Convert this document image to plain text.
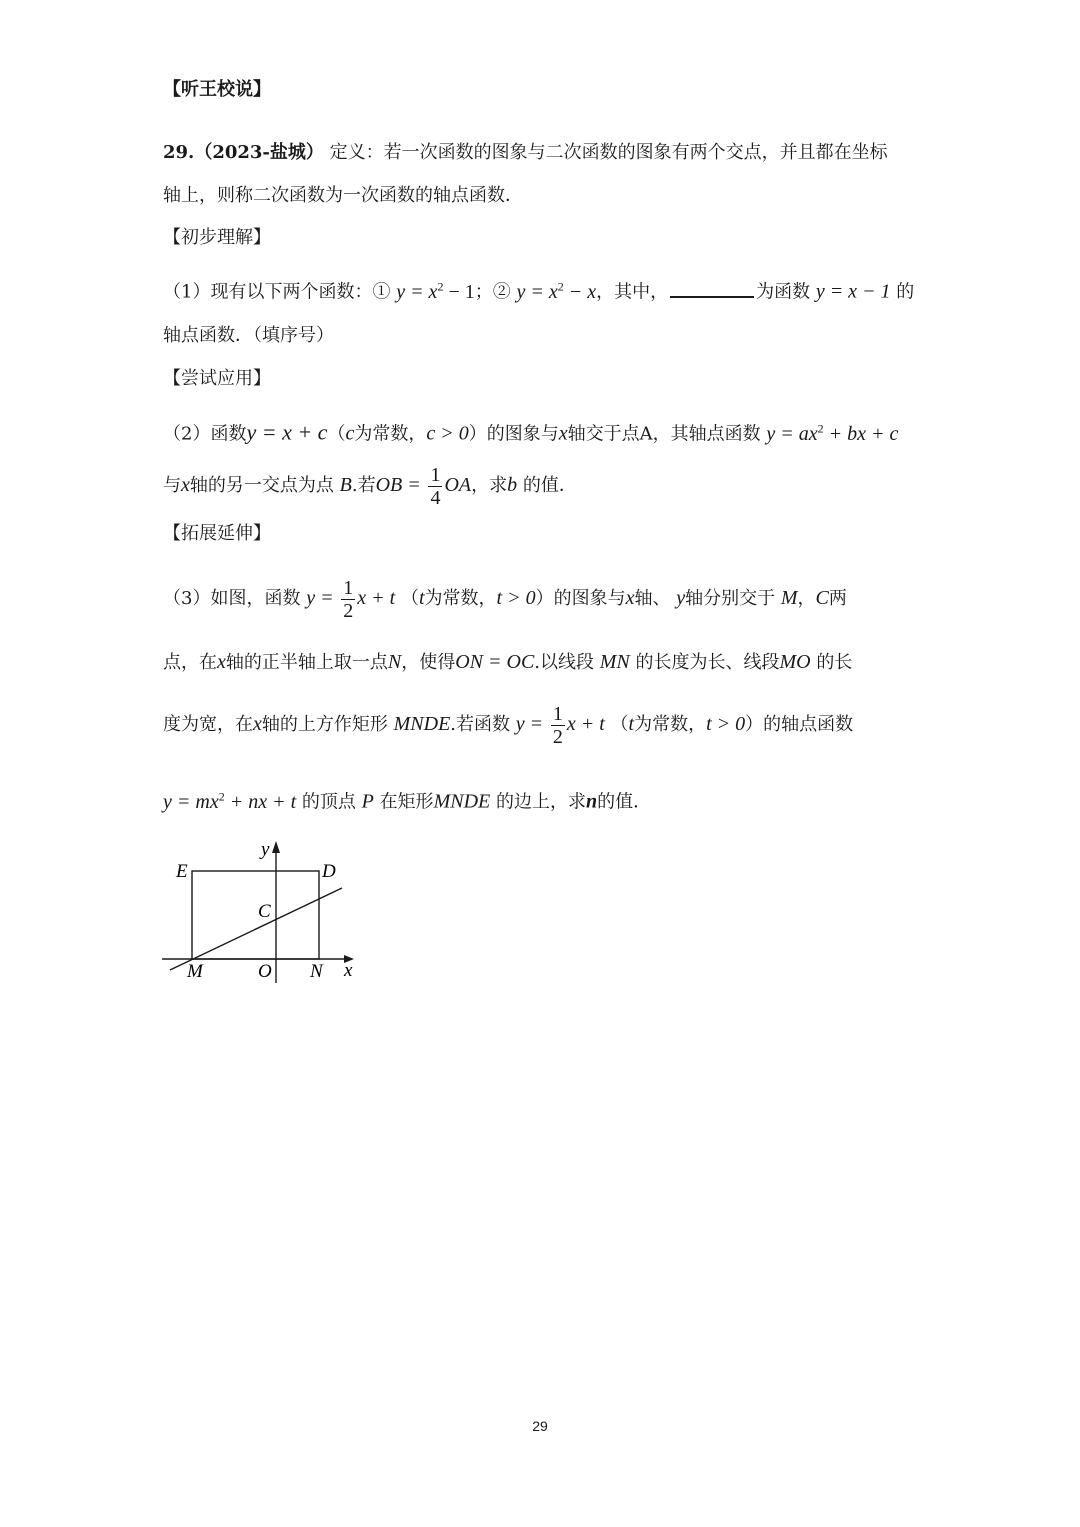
【听王校说】
29.（2023-盐城） 定义：若一次函数的图象与二次函数的图象有两个交点，并且都在坐标
轴上，则称二次函数为一次函数的轴点函数．
【初步理解】
（1）现有以下两个函数：① $y = x^2 - 1$；② $y = x^2 - x$，其中，	为函数 y = x − 1 的
轴点函数．（填序号）
【尝试应用】
（2）函数y = x + c（c为常数，c > 0）的图象与x轴交于点A，其轴点函数 $y = ax^2$ + bx + c
与x轴的另一交点为点 B.若OB = $\frac{1}{4}$ OA，求b 的值．
【拓展延伸】
（3）如图，函数 $y = \frac{1}{2}$ x + t （t为常数，t > 0）的图象与x轴、 y轴分别交于 M，C两
点，在x轴的正半轴上取一点N，使得ON = OC.以线段 MN 的长度为长、线段MO 的长
度为宽，在x轴的上方作矩形 MNDE.若函数 $y = \frac{1}{2}$ x + t （t为常数，t > 0）的轴点函数
$y = mx^2$ + nx + t 的顶点 P 在矩形MNDE 的边上，求n的值．
y
x
E	D
C
M	O N
29
